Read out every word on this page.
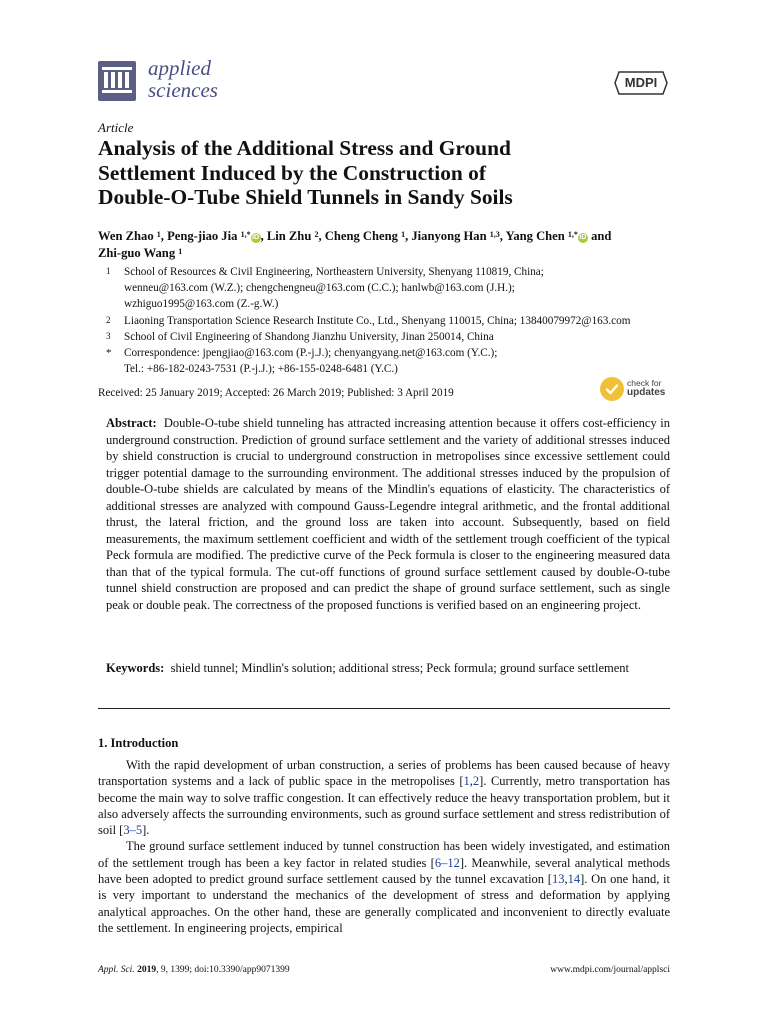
applied
sciences	MDPI
Article
Analysis of the Additional Stress and Ground
Settlement Induced by the Construction of
Double-O-Tube Shield Tunnels in Sandy Soils
Wen Zhao $^1$, Peng-jiao Jia $^{1,*}$ iD , Lin Zhu $^2$, Cheng Cheng $^1$, Jianyong Han $^{1,3}$, Yang Chen $^{1,*}$ iD and
Zhi-guo Wang $^1$
1 School of Resources & Civil Engineering, Northeastern University, Shenyang 110819, China;
wenneu@163.com (W.Z.); chengchengneu@163.com (C.C.); hanlwb@163.com (J.H.);
wzhiguo1995@163.com (Z.-g.W.)
2 Liaoning Transportation Science Research Institute Co., Ltd., Shenyang 110015, China; 13840079972@163.com
3 School of Civil Engineering of Shandong Jianzhu University, Jinan 250014, China
* Correspondence: jpengjiao@163.com (P.-j.J.); chenyangyang.net@163.com (Y.C.);
Tel.: +86-182-0243-7531 (P.-j.J.); +86-155-0248-6481 (Y.C.)
Received: 25 January 2019; Accepted: 26 March 2019; Published: 3 April 2019
check for
updates
Abstract: Double-O-tube shield tunneling has attracted increasing attention because it offers cost-efficiency in underground construction. Prediction of ground surface settlement and the variety of additional stresses induced by shield construction is crucial to underground construction in metropolises since excessive settlement could trigger potential damage to the surrounding environment. The additional stresses induced by the propulsion of double-O-tube shields are calculated by means of the Mindlin's equations of elasticity. The characteristics of additional stresses are analyzed with compound Gauss-Legendre integral arithmetic, and the frontal additional thrust, the lateral friction, and the ground loss are taken into account. Subsequently, based on field measurements, the maximum settlement coefficient and width of the settlement trough coefficient of the typical Peck formula are modified. The predictive curve of the Peck formula is closer to the engineering measured data than that of the typical formula. The cut-off functions of ground surface settlement caused by double-O-tube tunnel shield construction are proposed and can predict the shape of ground surface settlement, such as single peak or double peak. The correctness of the proposed functions is verified based on an engineering project.
Keywords: shield tunnel; Mindlin's solution; additional stress; Peck formula; ground surface settlement
1. Introduction

With the rapid development of urban construction, a series of problems has been caused because of heavy transportation systems and a lack of public space in the metropolises [1,2]. Currently, metro transportation has become the main way to solve traffic congestion. It can effectively reduce the heavy transportation problem, but it also adversely affects the surrounding environments, such as ground surface settlement and stress redistribution of soil [3–5].

The ground surface settlement induced by tunnel construction has been widely investigated, and estimation of the settlement trough has been a key factor in related studies [6–12]. Meanwhile, several analytical methods have been adopted to predict ground surface settlement caused by the tunnel excavation [13,14]. On one hand, it is very important to understand the mechanics of the development of stress and deformation by applying analytical approaches. On the other hand, these are generally complicated and inconvenient to directly evaluate the settlement. In engineering projects, empirical

Appl. Sci. 2019, 9, 1399; doi:10.3390/app9071399	www.mdpi.com/journal/applsci
